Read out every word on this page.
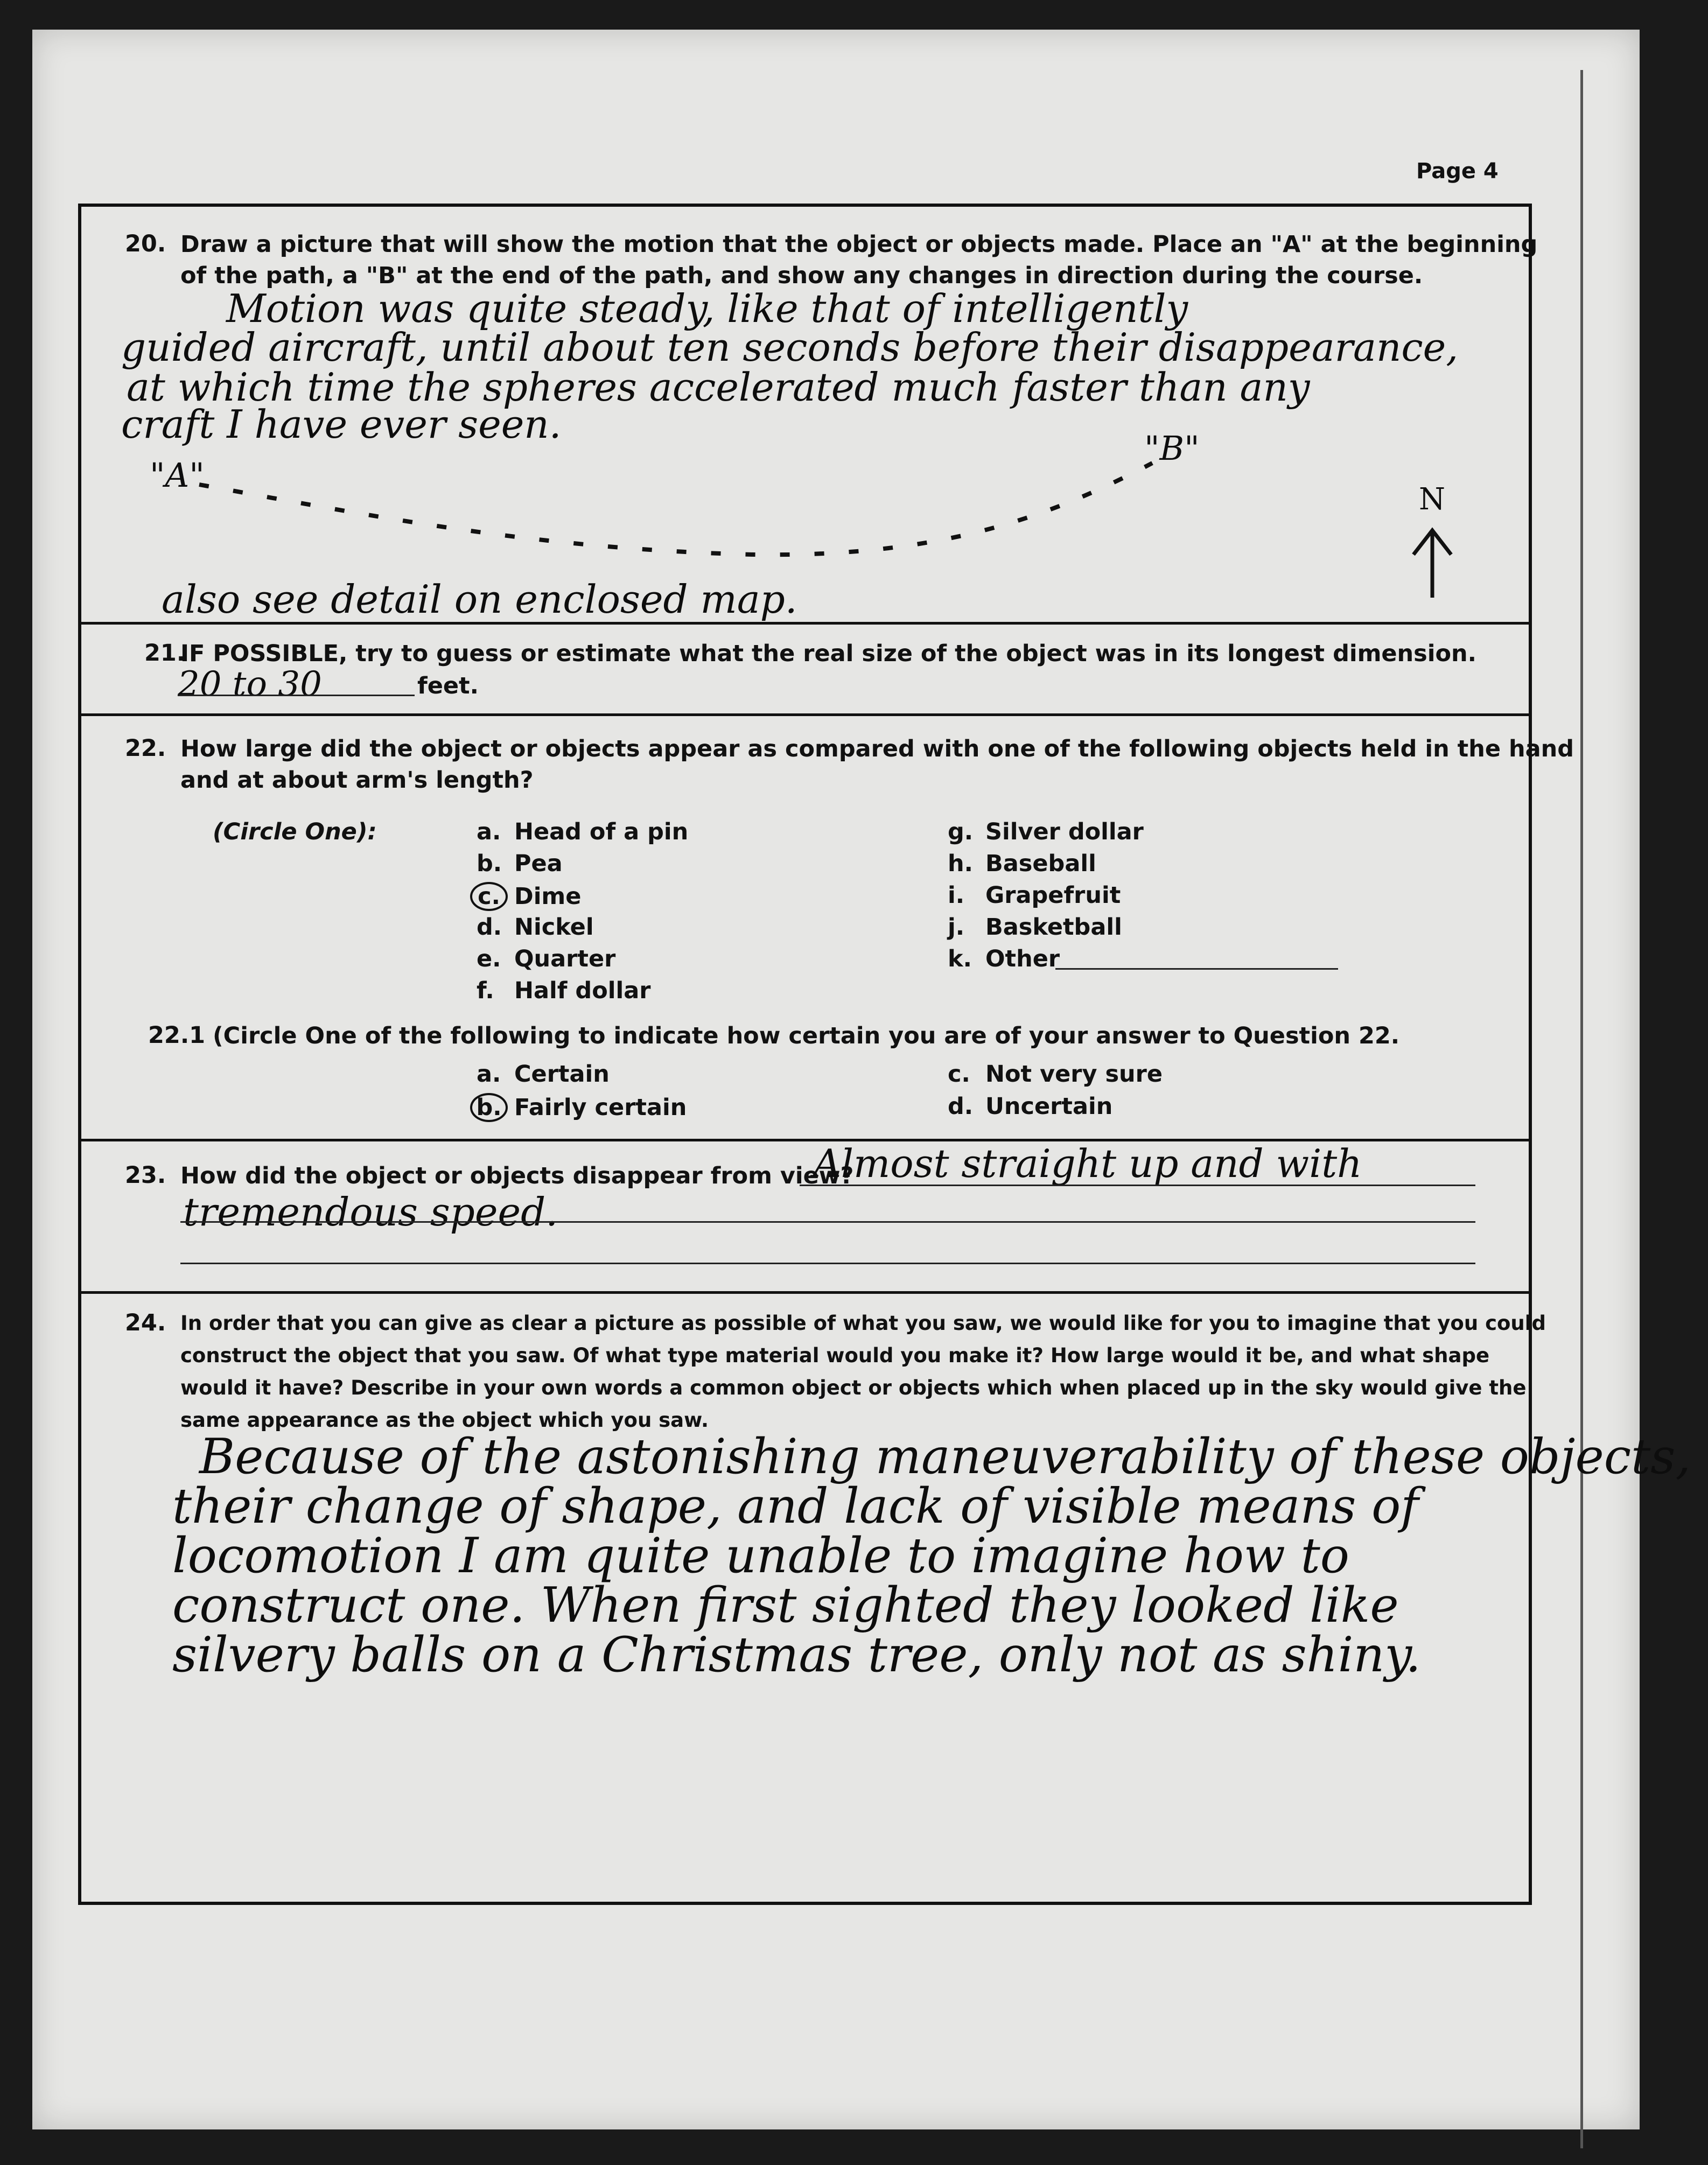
Page 4
20. Draw a picture that will show the motion that the object or objects made. Place an "A" at the beginning
of the path, a "B" at the end of the path, and show any changes in direction during the course.
Motion was quite steady, like that of intelligently
guided aircraft, until about ten seconds before their disappearance,
at which time the spheres accelerated much faster than any
craft I have ever seen.
"A"
"B"
N
also see detail on enclosed map.
21.
IF POSSIBLE, try to guess or estimate what the real size of the object was in its longest dimension.
20 to 30	feet.
22. How large did the object or objects appear as compared with one of the following objects held in the hand
and at about arm's length?
(Circle One):	a. Head of a pin
b. Pea
c. Dime
d. Nickel
e. Quarter
f. Half dollar
g. Silver dollar
h. Baseball
i. Grapefruit
j. Basketball
k. Other
22.1 (Circle One of the following to indicate how certain you are of your answer to Question 22.
a. Certain
b. Fairly certain
c. Not very sure
d. Uncertain
23. How did the object or objects disappear from view?
Almost straight up and with
tremendous speed.
24. In order that you can give as clear a picture as possible of what you saw, we would like for you to imagine that you could
construct the object that you saw. Of what type material would you make it? How large would it be, and what shape
would it have? Describe in your own words a common object or objects which when placed up in the sky would give the
same appearance as the object which you saw.
Because of the astonishing maneuverability of these objects,
their change of shape, and lack of visible means of
locomotion I am quite unable to imagine how to
construct one. When first sighted they looked like
silvery balls on a Christmas tree, only not as shiny.
